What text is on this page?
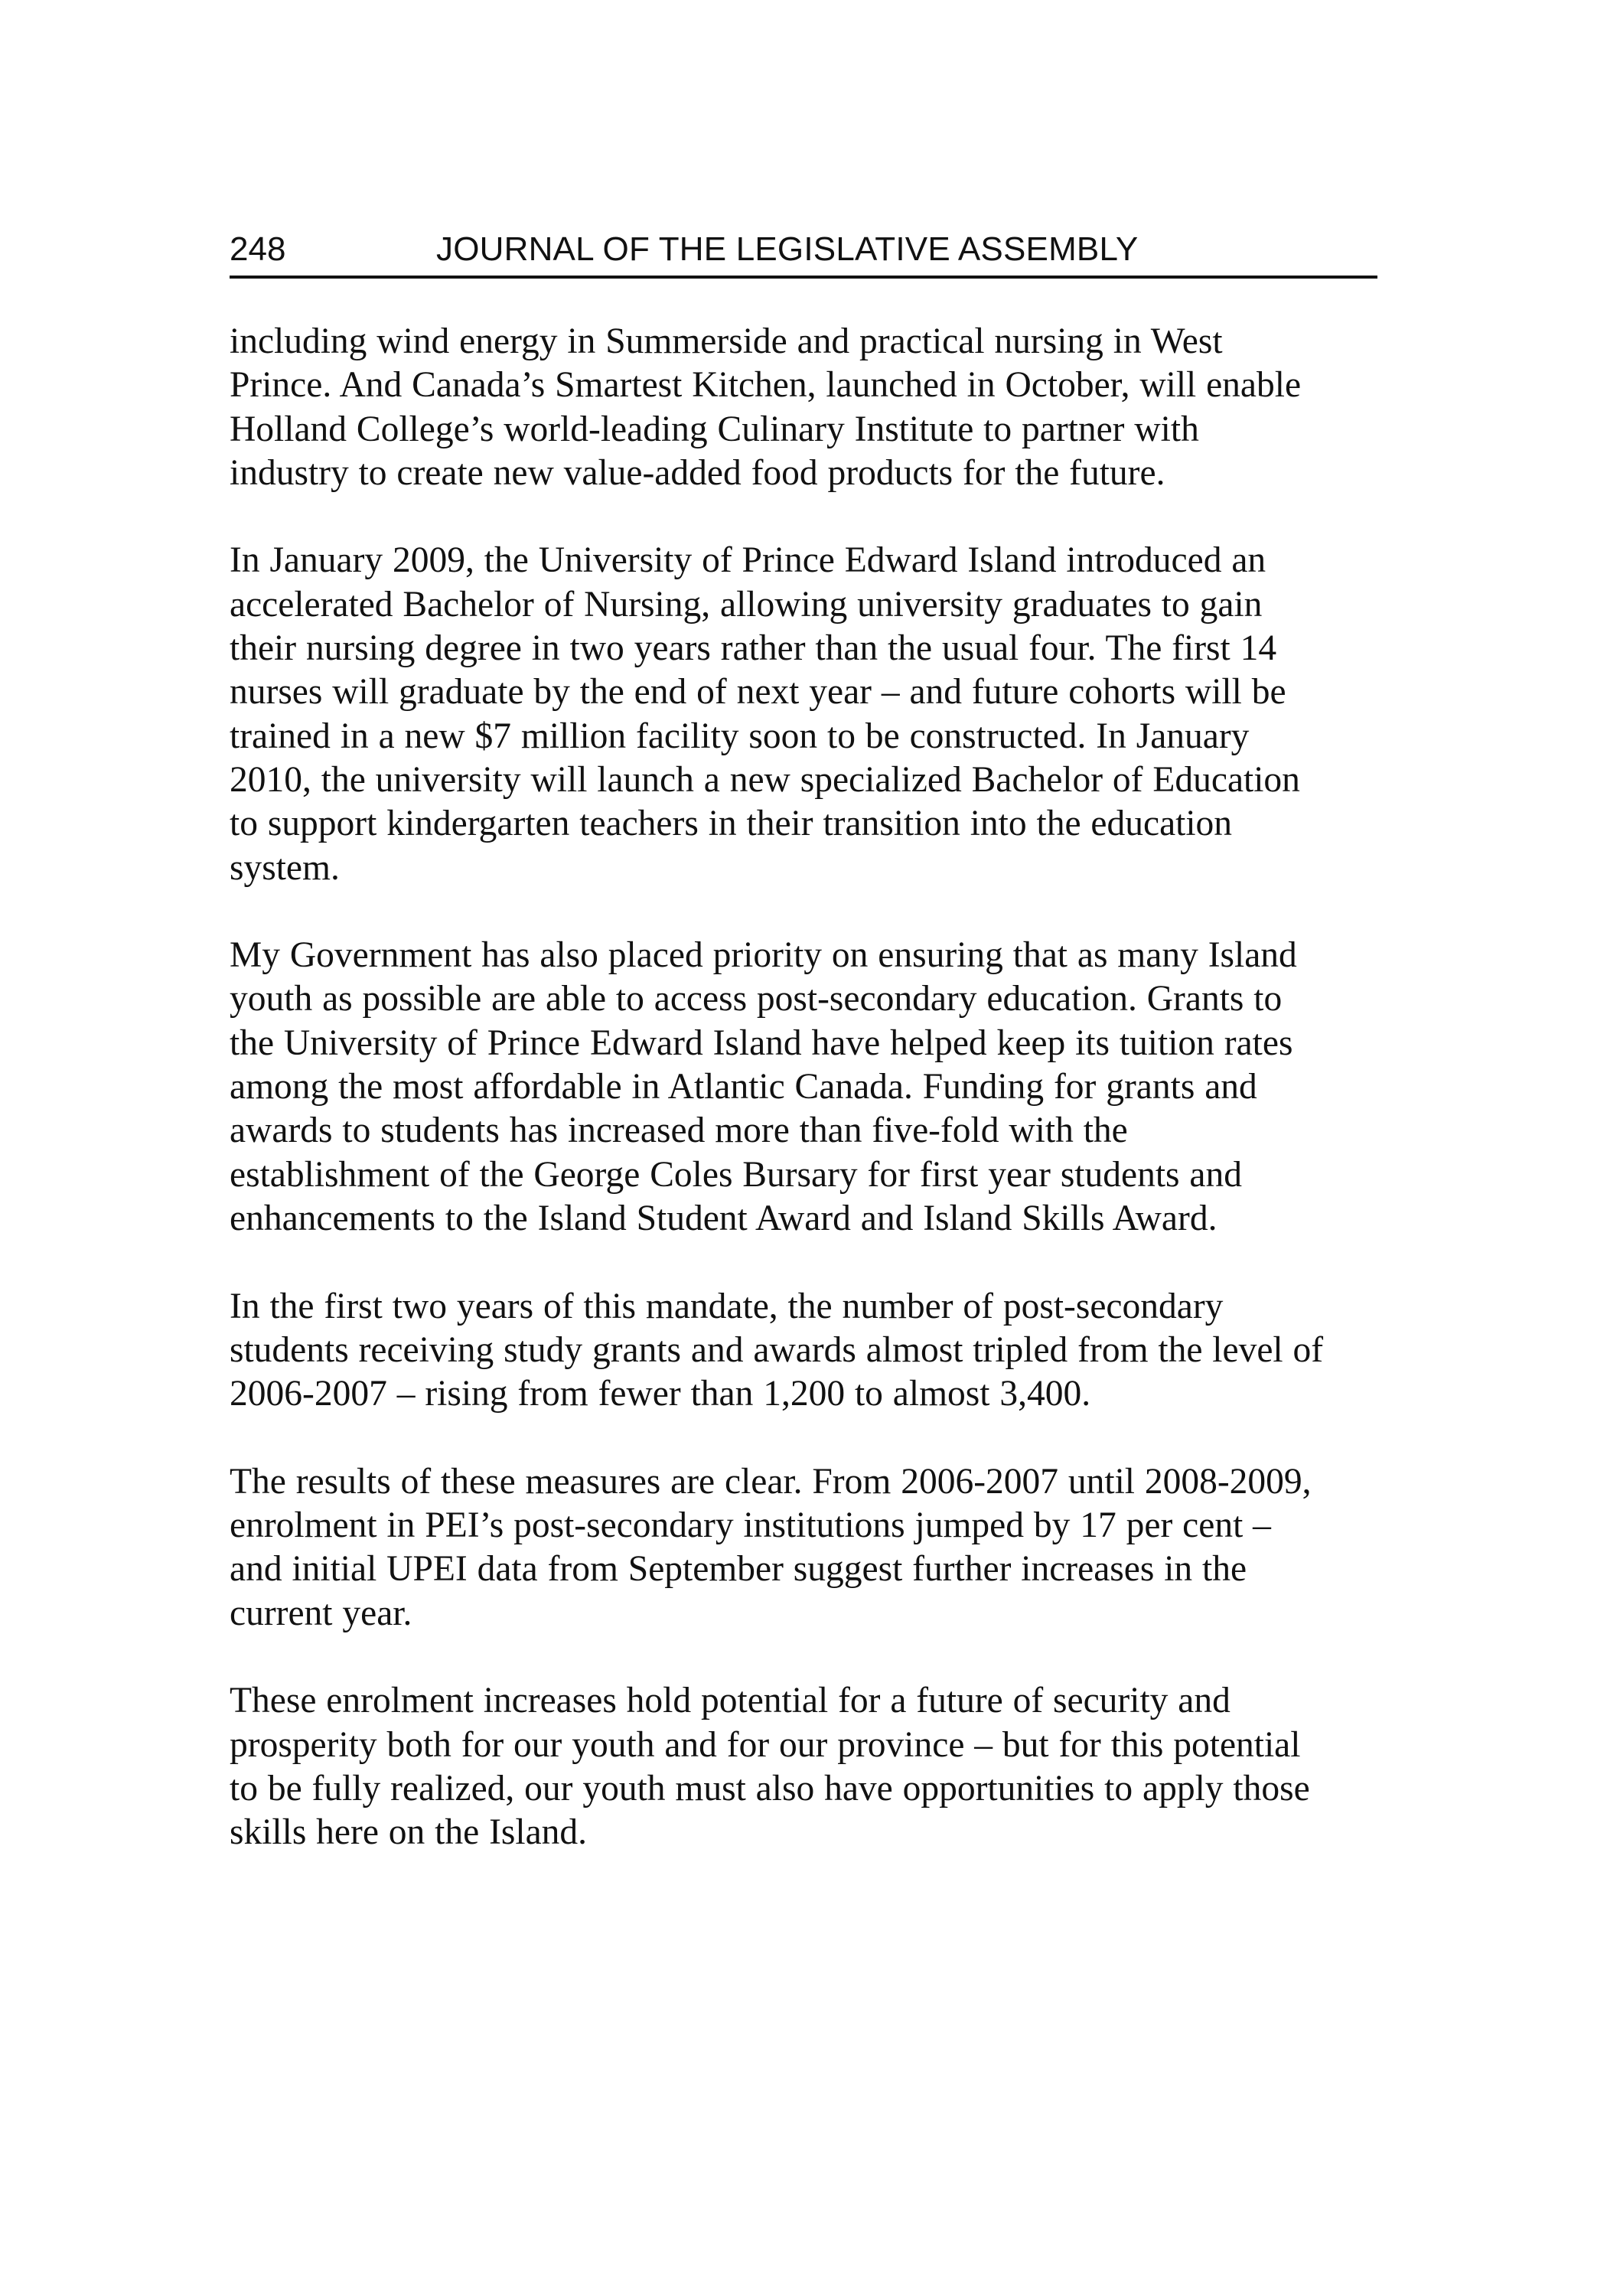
248	JOURNAL OF THE LEGISLATIVE ASSEMBLY

including wind energy in Summerside and practical nursing in West
Prince. And Canada’s Smartest Kitchen, launched in October, will enable
Holland College’s world-leading Culinary Institute to partner with
industry to create new value-added food products for the future.

In January 2009, the University of Prince Edward Island introduced an
accelerated Bachelor of Nursing, allowing university graduates to gain
their nursing degree in two years rather than the usual four. The first 14
nurses will graduate by the end of next year – and future cohorts will be
trained in a new $7 million facility soon to be constructed. In January
2010, the university will launch a new specialized Bachelor of Education
to support kindergarten teachers in their transition into the education
system.

My Government has also placed priority on ensuring that as many Island
youth as possible are able to access post-secondary education. Grants to
the University of Prince Edward Island have helped keep its tuition rates
among the most affordable in Atlantic Canada. Funding for grants and
awards to students has increased more than five-fold with the
establishment of the George Coles Bursary for first year students and
enhancements to the Island Student Award and Island Skills Award.

In the first two years of this mandate, the number of post-secondary
students receiving study grants and awards almost tripled from the level of
2006-2007 – rising from fewer than 1,200 to almost 3,400.

The results of these measures are clear. From 2006-2007 until 2008-2009,
enrolment in PEI’s post-secondary institutions jumped by 17 per cent –
and initial UPEI data from September suggest further increases in the
current year.

These enrolment increases hold potential for a future of security and
prosperity both for our youth and for our province – but for this potential
to be fully realized, our youth must also have opportunities to apply those
skills here on the Island.
